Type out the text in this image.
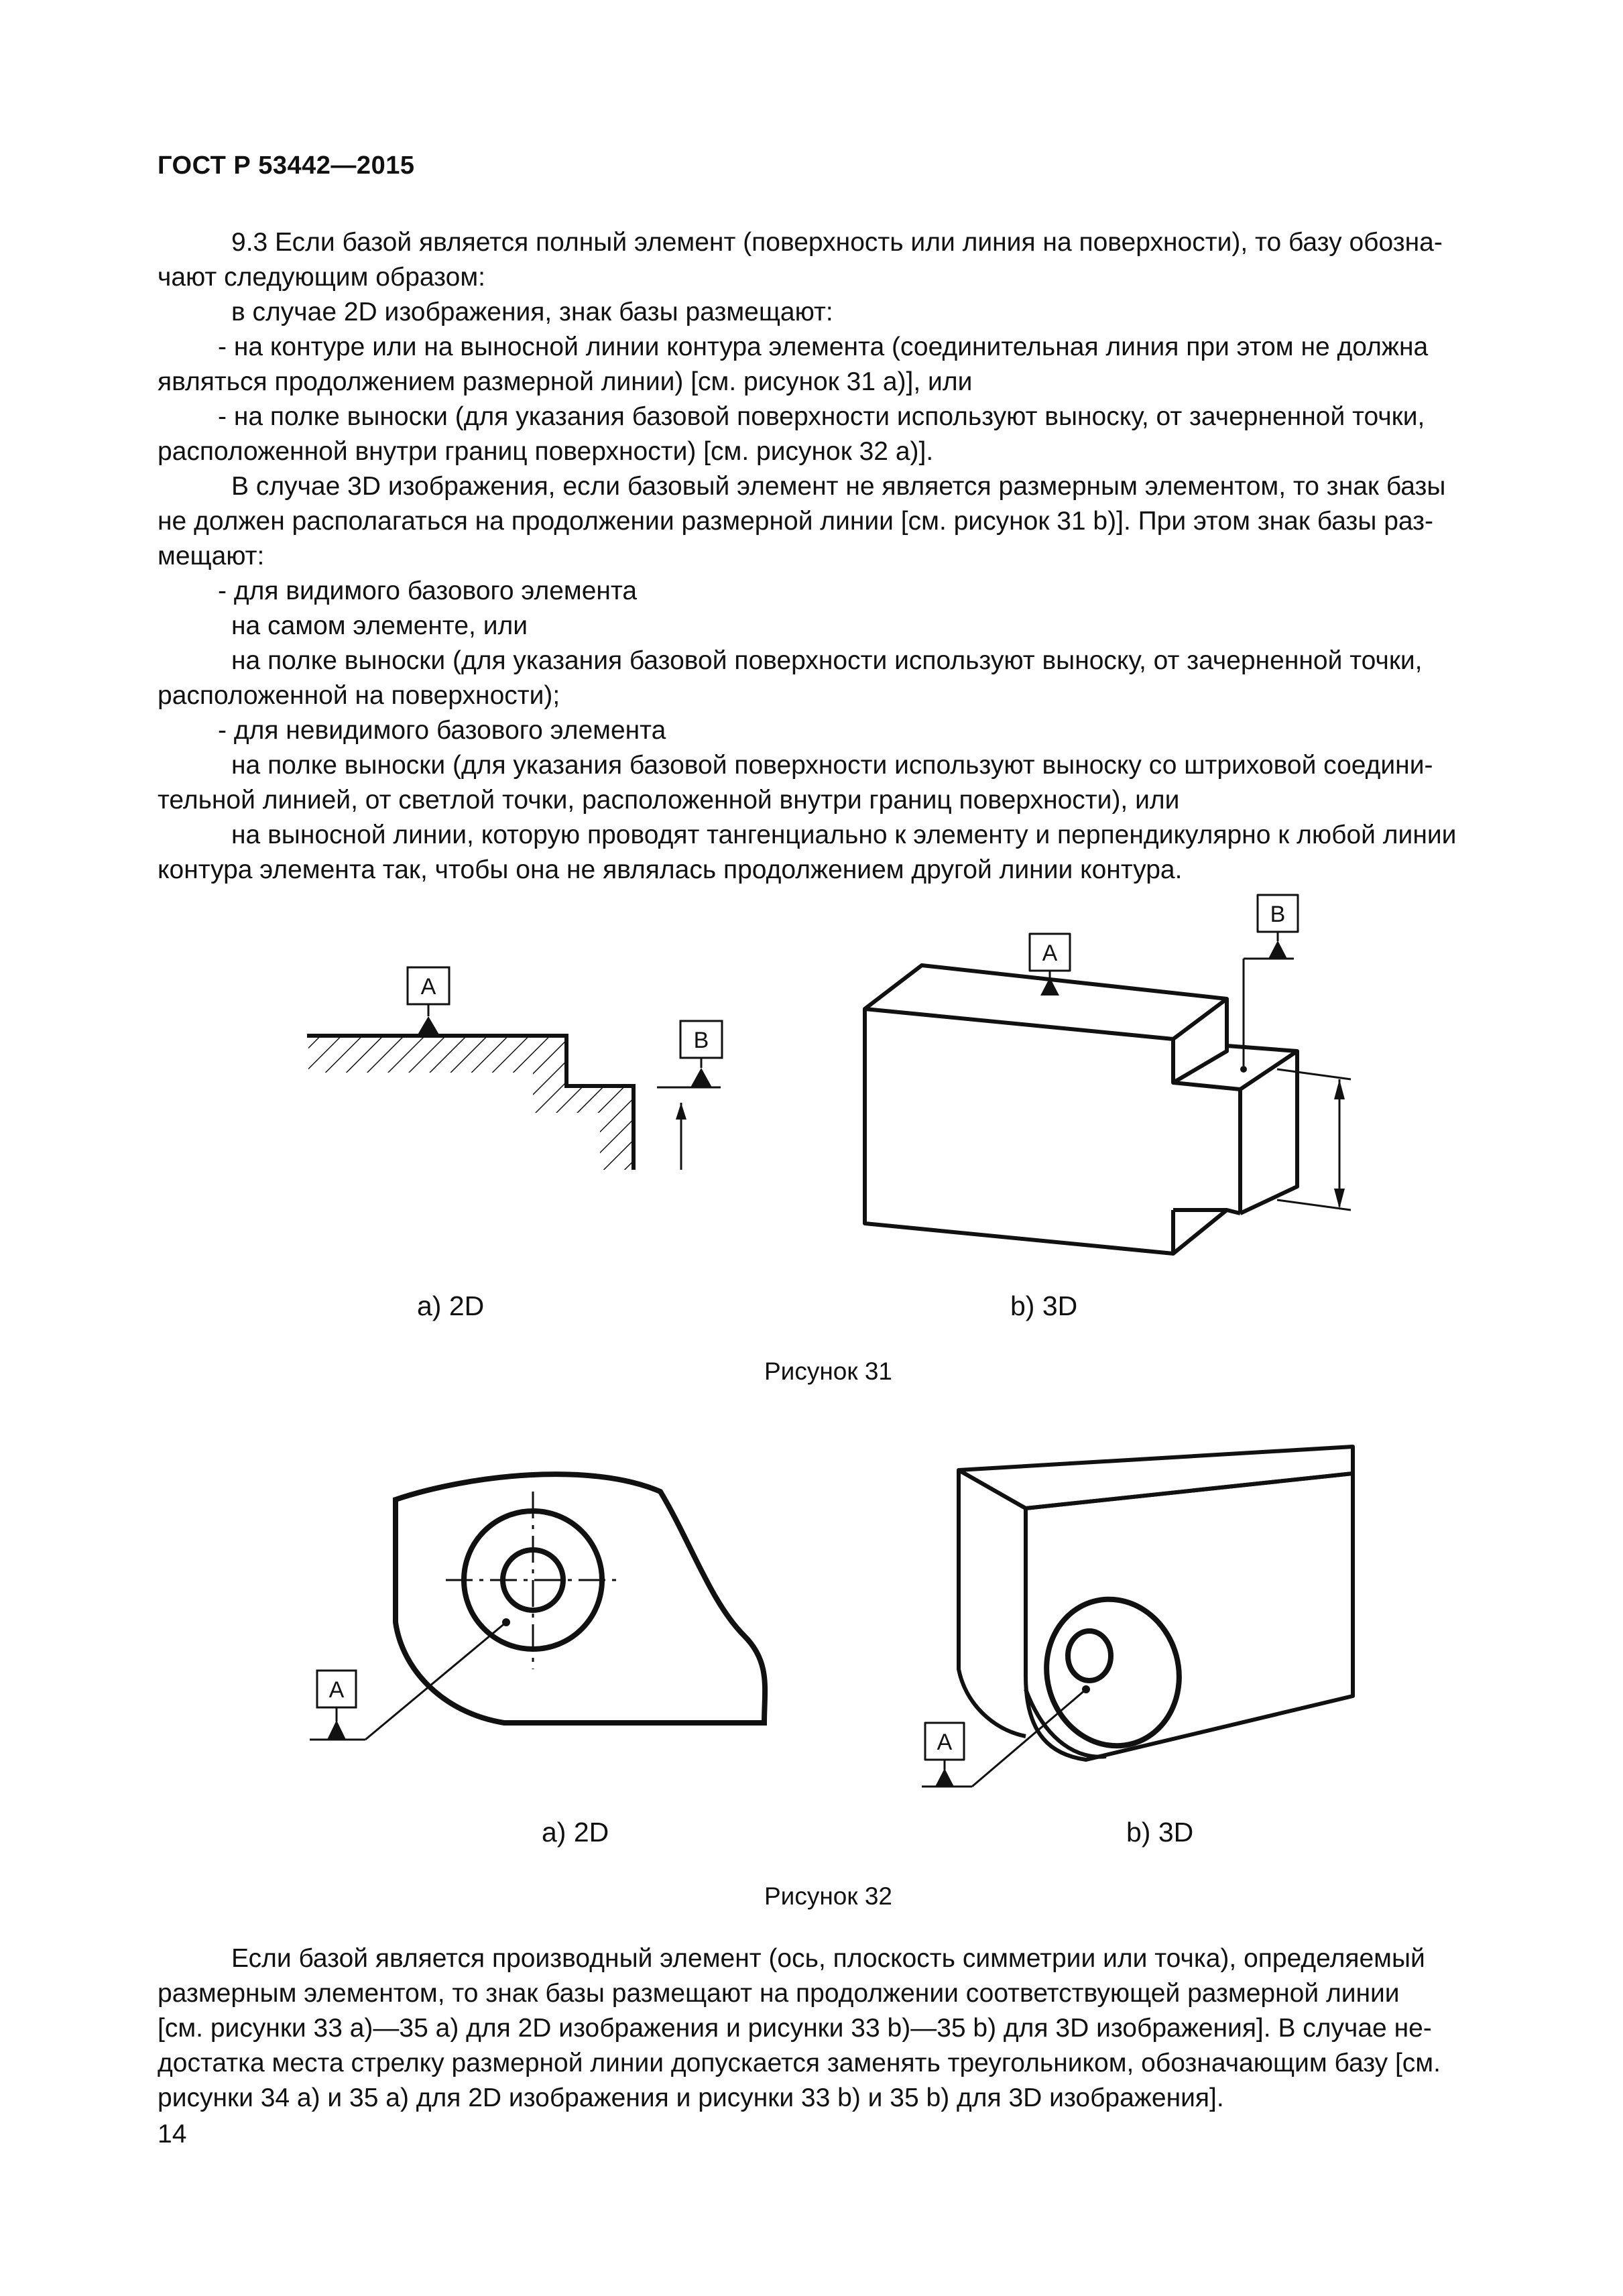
ГОСТ Р 53442—2015
9.3 Если базой является полный элемент (поверхность или линия на поверхности), то базу обозна-
чают следующим образом:
в случае 2D изображения, знак базы размещают:
- на контуре или на выносной линии контура элемента (соединительная линия при этом не должна
являться продолжением размерной линии) [см. рисунок 31 а)], или
- на полке выноски (для указания базовой поверхности используют выноску, от зачерненной точки,
расположенной внутри границ поверхности) [см. рисунок 32 а)].
В случае 3D изображения, если базовый элемент не является размерным элементом, то знак базы
не должен располагаться на продолжении размерной линии [см. рисунок 31 b)]. При этом знак базы раз-
мещают:
- для видимого базового элемента
на самом элементе, или
на полке выноски (для указания базовой поверхности используют выноску, от зачерненной точки,
расположенной на поверхности);
- для невидимого базового элемента
на полке выноски (для указания базовой поверхности используют выноску со штриховой соедини-
тельной линией, от светлой точки, расположенной внутри границ поверхности), или
на выносной линии, которую проводят тангенциально к элементу и перпендикулярно к любой линии
контура элемента так, чтобы она не являлась продолжением другой линии контура.
A
B
A
B
A
A
а) 2D	b) 3D
Рисунок 31
а) 2D	b) 3D
Рисунок 32
Если базой является производный элемент (ось, плоскость симметрии или точка), определяемый
размерным элементом, то знак базы размещают на продолжении соответствующей размерной линии
[см. рисунки 33 а)—35 а) для 2D изображения и рисунки 33 b)—35 b) для 3D изображения]. В случае не-
достатка места стрелку размерной линии допускается заменять треугольником, обозначающим базу [см.
рисунки 34 а) и 35 а) для 2D изображения и рисунки 33 b) и 35 b) для 3D изображения].
14
